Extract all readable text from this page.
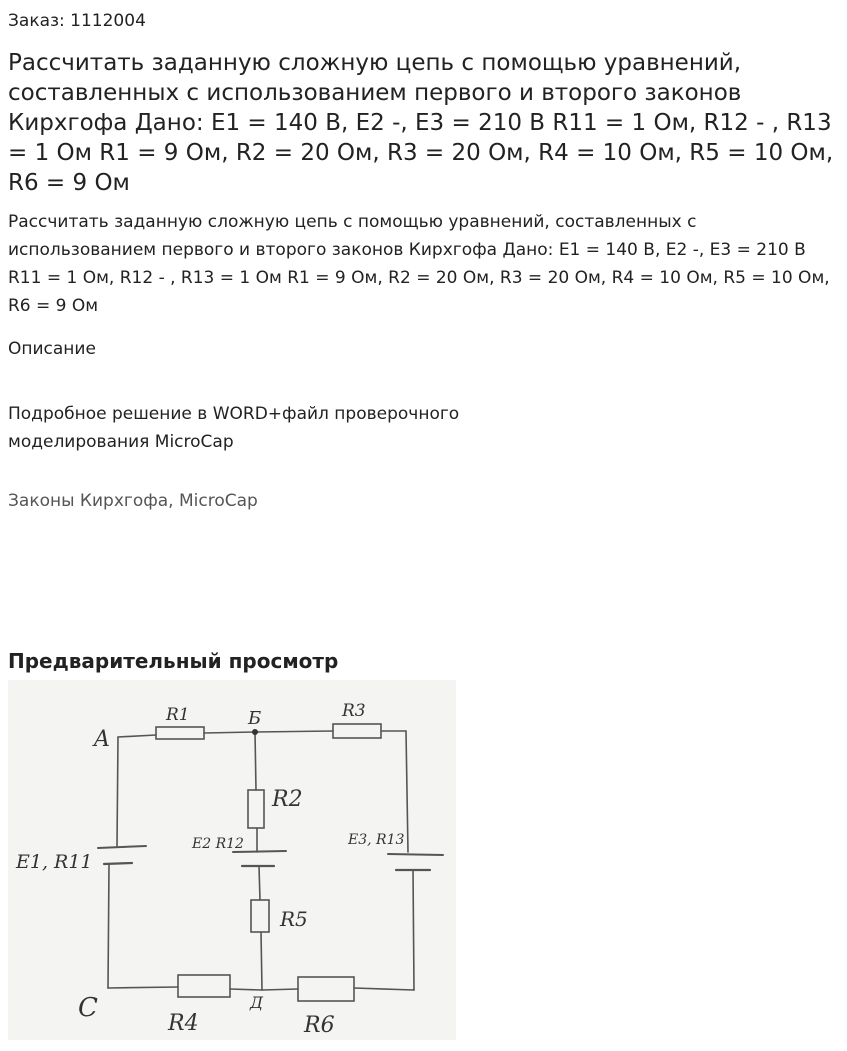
Заказ: 1112004
Рассчитать заданную сложную цепь с помощью уравнений, составленных с использованием первого и второго законов Кирхгофа Дано: E1 = 140 В, E2 -, E3 = 210 В R11 = 1 Ом, R12 - , R13 = 1 Ом R1 = 9 Ом, R2 = 20 Ом, R3 = 20 Ом, R4 = 10 Ом, R5 = 10 Ом, R6 = 9 Ом

Рассчитать заданную сложную цепь с помощью уравнений, составленных с использованием первого и второго законов Кирхгофа Дано: E1 = 140 В, E2 -, E3 = 210 В R11 = 1 Ом, R12 - , R13 = 1 Ом R1 = 9 Ом, R2 = 20 Ом, R3 = 20 Ом, R4 = 10 Ом, R5 = 10 Ом, R6 = 9 Ом

Описание
Подробное решение в WORD+файл проверочного моделирования MicroCap
Законы Кирхгофа, MicroCap
Предварительный просмотр
A
Б
C	Д
R1
R2
R3
R4
R5
R6
E1, R11
E2 R12	E3, R13
